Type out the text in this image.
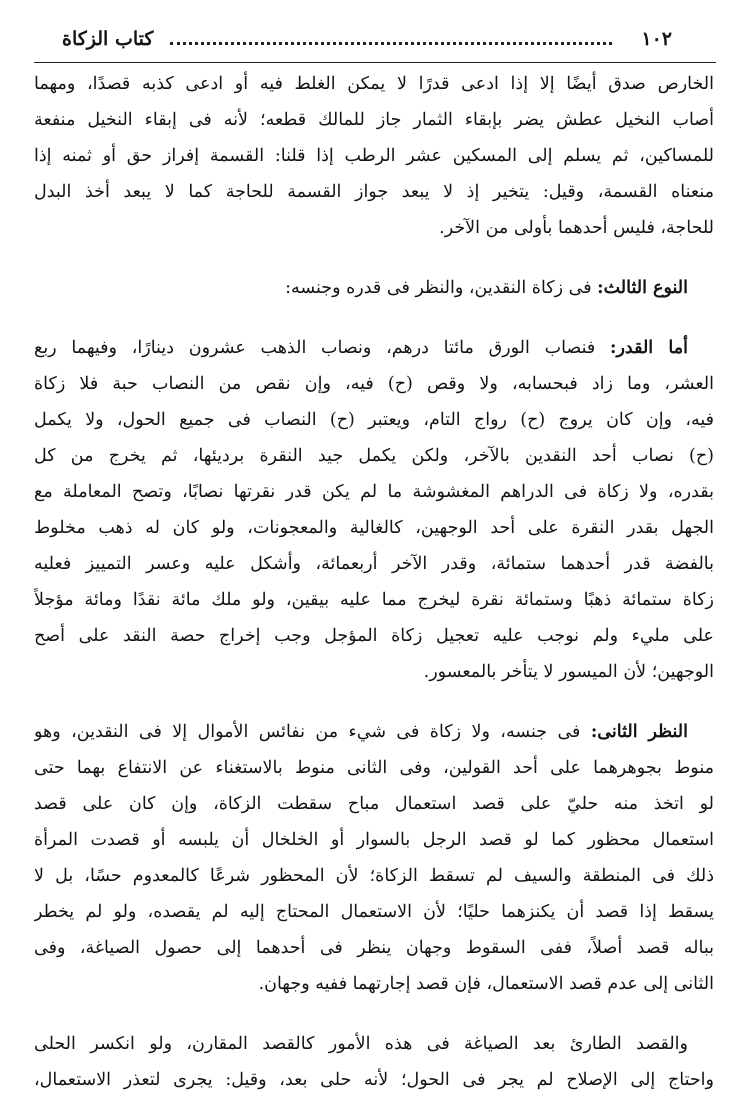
١٠٢
كتاب الزكاة
الخارص صدق أيضًا إلا إذا ادعى قدرًا لا يمكن الغلط فيه أو ادعى كذبه قصدًا، ومهما
أصاب النخيل عطش يضر بإبقاء الثمار جاز للمالك قطعه؛ لأنه فى إبقاء النخيل منفعة
للمساكين، ثم يسلم إلى المسكين عشر الرطب إذا قلنا: القسمة إفراز حق أو ثمنه إذا
منعناه القسمة، وقيل: يتخير إذ لا يبعد جواز القسمة للحاجة كما لا يبعد أخذ البدل
للحاجة، فليس أحدهما بأولى من الآخر.
النوع الثالث: فى زكاة النقدين، والنظر فى قدره وجنسه:
أما القدر: فنصاب الورق مائتا درهم، ونصاب الذهب عشرون دينارًا، وفيهما ربع
العشر، وما زاد فبحسابه، ولا وقص (ح) فيه، وإن نقص من النصاب حبة فلا زكاة
فيه، وإن كان يروج (ح) رواج التام، ويعتبر (ح) النصاب فى جميع الحول، ولا يكمل
(ح) نصاب أحد النقدين بالآخر، ولكن يكمل جيد النقرة برديئها، ثم يخرج من كل
بقدره، ولا زكاة فى الدراهم المغشوشة ما لم يكن قدر نقرتها نصابًا، وتصح المعاملة مع
الجهل بقدر النقرة على أحد الوجهين، كالغالية والمعجونات، ولو كان له ذهب مخلوط
بالفضة قدر أحدهما ستمائة، وقدر الآخر أربعمائة، وأشكل عليه وعسر التمييز فعليه
زكاة ستمائة ذهبًا وستمائة نقرة ليخرج مما عليه بيقين، ولو ملك مائة نقدًا ومائة مؤجلاً
على مليء ولم نوجب عليه تعجيل زكاة المؤجل وجب إخراج حصة النقد على أصح
الوجهين؛ لأن الميسور لا يتأخر بالمعسور.
النظر الثانى: فى جنسه، ولا زكاة فى شيء من نفائس الأموال إلا فى النقدين، وهو
منوط بجوهرهما على أحد القولين، وفى الثانى منوط بالاستغناء عن الانتفاع بهما حتى
لو اتخذ منه حليّ على قصد استعمال مباح سقطت الزكاة، وإن كان على قصد
استعمال محظور كما لو قصد الرجل بالسوار أو الخلخال أن يلبسه أو قصدت المرأة
ذلك فى المنطقة والسيف لم تسقط الزكاة؛ لأن المحظور شرعًا كالمعدوم حسًا، بل لا
يسقط إذا قصد أن يكنزهما حليًا؛ لأن الاستعمال المحتاج إليه لم يقصده، ولو لم يخطر
بباله قصد أصلاً، ففى السقوط وجهان ينظر فى أحدهما إلى حصول الصياغة، وفى
الثانى إلى عدم قصد الاستعمال، فإن قصد إجارتهما ففيه وجهان.
والقصد الطارئ بعد الصياغة فى هذه الأمور كالقصد المقارن، ولو انكسر الحلى
واحتاج إلى الإصلاح لم يجر فى الحول؛ لأنه حلى بعد، وقيل: يجرى لتعذر الاستعمال،
